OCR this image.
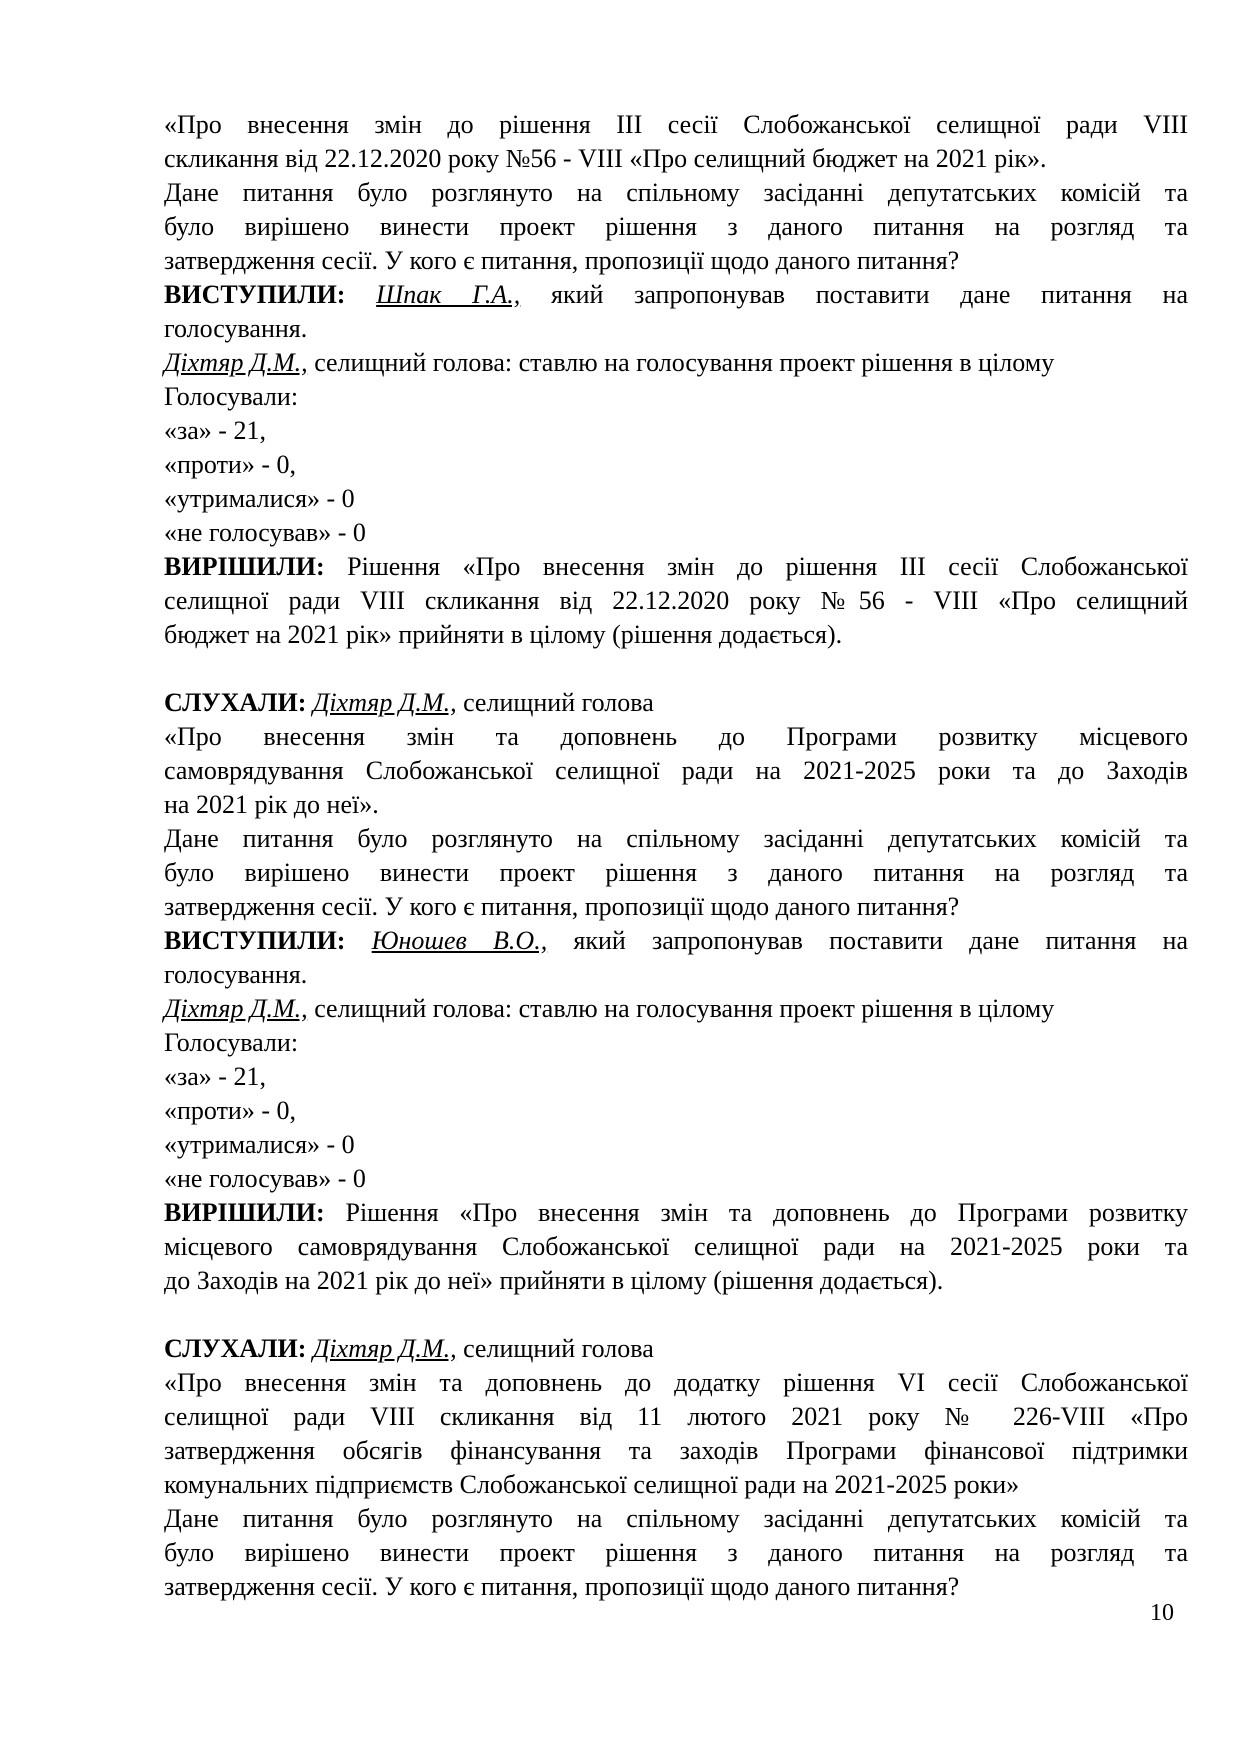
«Про внесення змін до рішення ІІІ сесії Слобожанської селищної ради VIII
скликання від 22.12.2020 року №56 - VIII «Про селищний бюджет на 2021 рік».
Дане питання було розглянуто на спільному засіданні депутатських комісій та
було вирішено винести проект рішення з даного питання на розгляд та
затвердження сесії. У кого є питання, пропозиції щодо даного питання?
ВИСТУПИЛИ: Шпак Г.А., який запропонував поставити дане питання на
голосування.
Діхтяр Д.М., селищний голова: ставлю на голосування проект рішення в цілому
Голосували:
«за» - 21,
«проти» - 0,
«утрималися» - 0
«не голосував» - 0
ВИРІШИЛИ: Рішення «Про внесення змін до рішення ІІІ сесії Слобожанської
селищної ради VIII скликання від 22.12.2020 року №56 - VIII «Про селищний
бюджет на 2021 рік» прийняти в цілому (рішення додається).
СЛУХАЛИ: Діхтяр Д.М., селищний голова
«Про внесення змін та доповнень до Програми розвитку місцевого
самоврядування Слобожанської селищної ради на 2021-2025 роки та до Заходів
на 2021 рік до неї».
Дане питання було розглянуто на спільному засіданні депутатських комісій та
було вирішено винести проект рішення з даного питання на розгляд та
затвердження сесії. У кого є питання, пропозиції щодо даного питання?
ВИСТУПИЛИ: Юношев В.О., який запропонував поставити дане питання на
голосування.
Діхтяр Д.М., селищний голова: ставлю на голосування проект рішення в цілому
Голосували:
«за» - 21,
«проти» - 0,
«утрималися» - 0
«не голосував» - 0
ВИРІШИЛИ: Рішення «Про внесення змін та доповнень до Програми розвитку
місцевого самоврядування Слобожанської селищної ради на 2021-2025 роки та
до Заходів на 2021 рік до неї» прийняти в цілому (рішення додається).
СЛУХАЛИ: Діхтяр Д.М., селищний голова
«Про внесення змін та доповнень до додатку рішення VI сесії Слобожанської
селищної ради VIII скликання від 11 лютого 2021 року № 226-VIII «Про
затвердження обсягів фінансування та заходів Програми фінансової підтримки
комунальних підприємств Слобожанської селищної ради на 2021-2025 роки»
Дане питання було розглянуто на спільному засіданні депутатських комісій та
було вирішено винести проект рішення з даного питання на розгляд та
затвердження сесії. У кого є питання, пропозиції щодо даного питання?
10
